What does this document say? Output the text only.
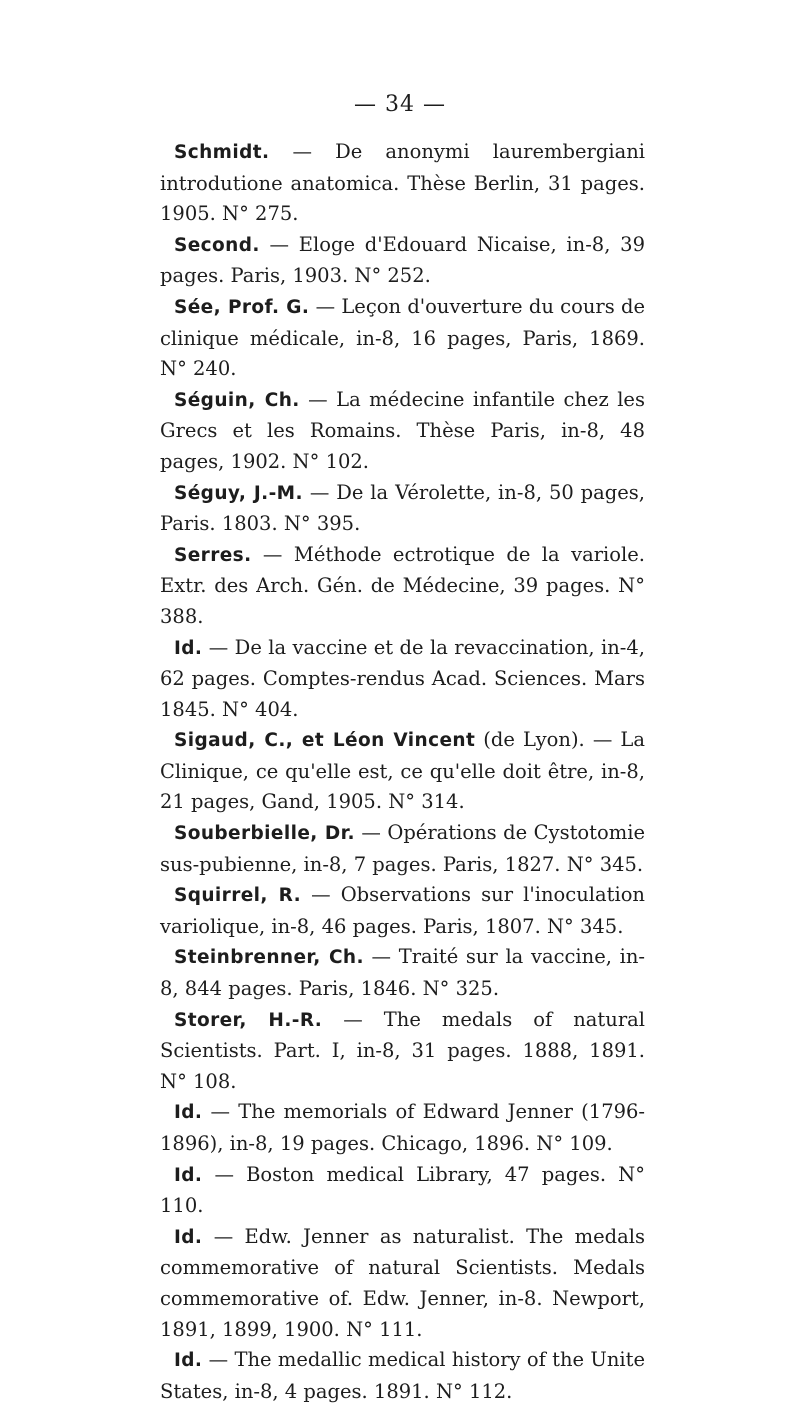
— 34 —

Schmidt. — De anonymi laurembergiani introdutione anatomica. Thèse Berlin, 31 pages. 1905. N° 275.

Second. — Eloge d'Edouard Nicaise, in-8, 39 pages. Paris, 1903. N° 252.

Sée, Prof. G. — Leçon d'ouverture du cours de clinique médicale, in-8, 16 pages, Paris, 1869. N° 240.

Séguin, Ch. — La médecine infantile chez les Grecs et les Romains. Thèse Paris, in-8, 48 pages, 1902. N° 102.

Séguy, J.-M. — De la Vérolette, in-8, 50 pages, Paris. 1803. N° 395.

Serres. — Méthode ectrotique de la variole. Extr. des Arch. Gén. de Médecine, 39 pages. N° 388.

Id. — De la vaccine et de la revaccination, in-4, 62 pages. Comptes-rendus Acad. Sciences. Mars 1845. N° 404.

Sigaud, C., et Léon Vincent (de Lyon). — La Clinique, ce qu'elle est, ce qu'elle doit être, in-8, 21 pages, Gand, 1905. N° 314.

Souberbielle, Dr. — Opérations de Cystotomie sus-pubienne, in-8, 7 pages. Paris, 1827. N° 345.

Squirrel, R. — Observations sur l'inoculation variolique, in-8, 46 pages. Paris, 1807. N° 345.

Steinbrenner, Ch. — Traité sur la vaccine, in-8, 844 pages. Paris, 1846. N° 325.

Storer, H.-R. — The medals of natural Scientists. Part. I, in-8, 31 pages. 1888, 1891. N° 108.

Id. — The memorials of Edward Jenner (1796-1896), in-8, 19 pages. Chicago, 1896. N° 109.

Id. — Boston medical Library, 47 pages. N° 110.

Id. — Edw. Jenner as naturalist. The medals commemorative of natural Scientists. Medals commemorative of. Edw. Jenner, in-8. Newport, 1891, 1899, 1900. N° 111.

Id. — The medallic medical history of the Unite States, in-8, 4 pages. 1891. N° 112.
